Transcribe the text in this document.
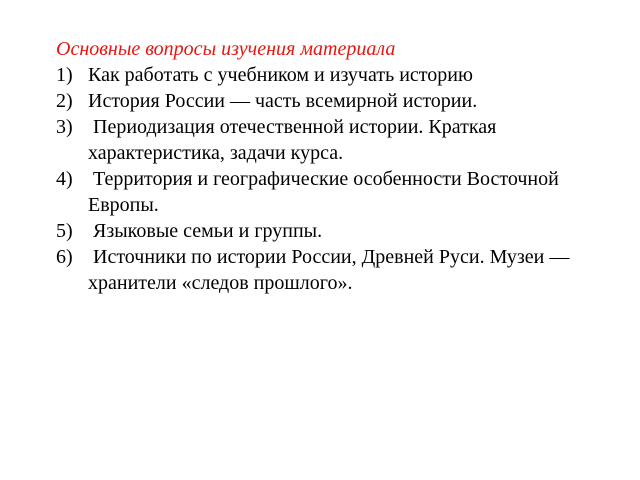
Основные вопросы изучения материала

1) Как работать с учебником и изучать историю
2) История России — часть всемирной истории.
3) Периодизация отечественной истории. Краткая характеристика, задачи курса.
4) Территория и географические особенности Восточной Европы.
5) Языковые семьи и группы.
6) Источники по истории России, Древней Руси. Музеи — хранители «следов прошлого».
